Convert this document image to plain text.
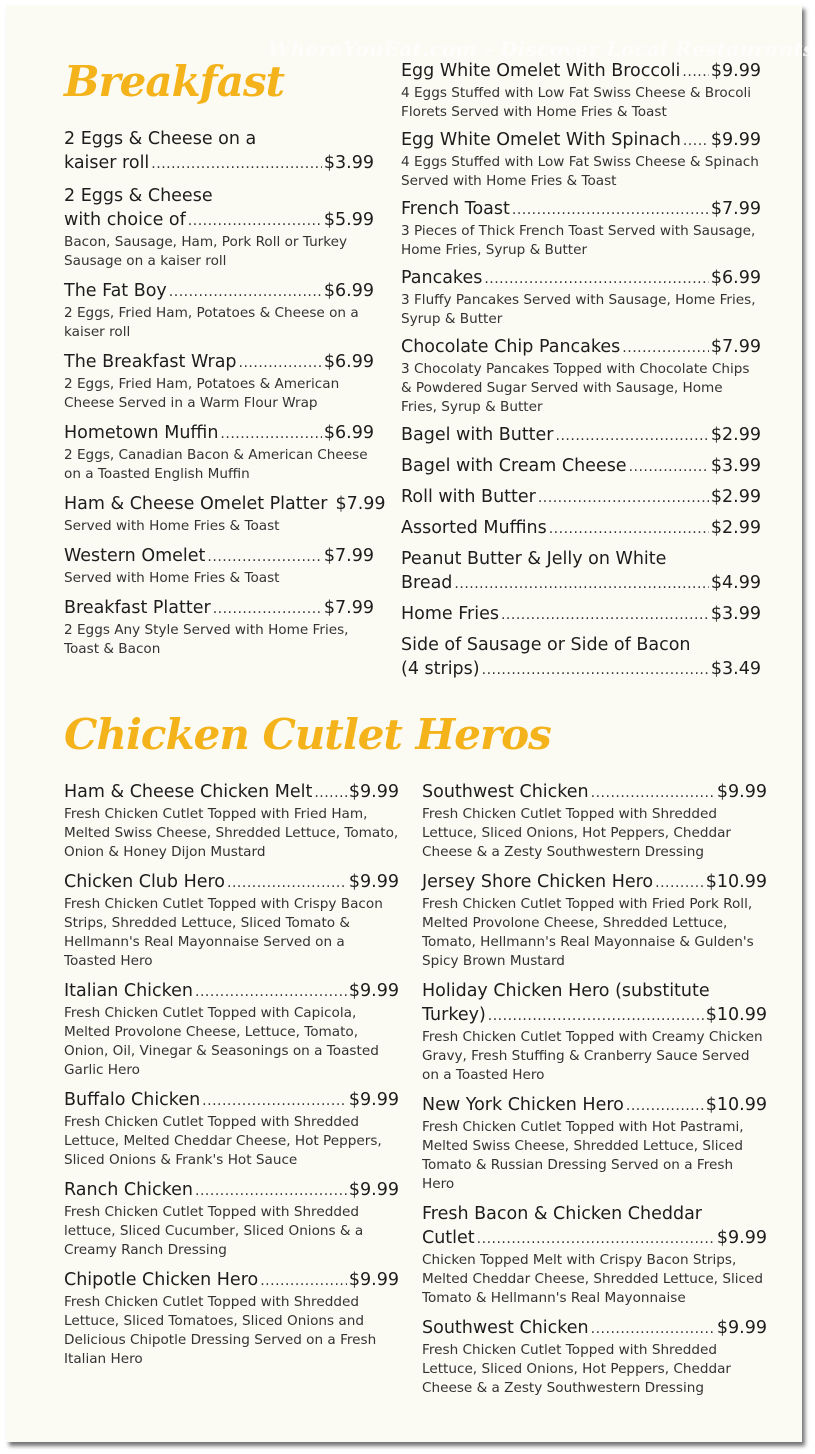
WhereYouEat.com - Discover Local Restaurants
Breakfast
2 Eggs & Cheese on a
kaiser roll .....	$3.99
2 Eggs & Cheese
with choice of .....	$5.99
Bacon, Sausage, Ham, Pork Roll or Turkey Sausage on a kaiser roll
The Fat Boy .....	$6.99
2 Eggs, Fried Ham, Potatoes & Cheese on a kaiser roll
The Breakfast Wrap .....	$6.99
2 Eggs, Fried Ham, Potatoes & American Cheese Served in a Warm Flour Wrap
Hometown Muffin .....	$6.99
2 Eggs, Canadian Bacon & American Cheese on a Toasted English Muffin
Ham & Cheese Omelet Platter $7.99
Served with Home Fries & Toast
Western Omelet .....	$7.99
Served with Home Fries & Toast
Breakfast Platter .....	$7.99
2 Eggs Any Style Served with Home Fries, Toast & Bacon
Egg White Omelet With Broccoli ..... $9.99
4 Eggs Stuffed with Low Fat Swiss Cheese & Brocoli Florets Served with Home Fries & Toast
Egg White Omelet With Spinach ..... $9.99
4 Eggs Stuffed with Low Fat Swiss Cheese & Spinach Served with Home Fries & Toast
French Toast .....	$7.99
3 Pieces of Thick French Toast Served with Sausage, Home Fries, Syrup & Butter
Pancakes .....	$6.99
3 Fluffy Pancakes Served with Sausage, Home Fries, Syrup & Butter
Chocolate Chip Pancakes .....	$7.99
3 Chocolaty Pancakes Topped with Chocolate Chips & Powdered Sugar Served with Sausage, Home Fries, Syrup & Butter
Bagel with Butter .....	$2.99
Bagel with Cream Cheese .....	$3.99
Roll with Butter .....	$2.99
Assorted Muffins .....	$2.99
Peanut Butter & Jelly on White
Bread .....	$4.99
Home Fries .....	$3.99
Side of Sausage or Side of Bacon
(4 strips) .....	$3.49
Chicken Cutlet Heros
Ham & Cheese Chicken Melt ..... $9.99
Fresh Chicken Cutlet Topped with Fried Ham, Melted Swiss Cheese, Shredded Lettuce, Tomato, Onion & Honey Dijon Mustard
Chicken Club Hero .....	$9.99
Fresh Chicken Cutlet Topped with Crispy Bacon Strips, Shredded Lettuce, Sliced Tomato & Hellmann's Real Mayonnaise Served on a Toasted Hero
Italian Chicken .....	$9.99
Fresh Chicken Cutlet Topped with Capicola, Melted Provolone Cheese, Lettuce, Tomato, Onion, Oil, Vinegar & Seasonings on a Toasted Garlic Hero
Buffalo Chicken .....	$9.99
Fresh Chicken Cutlet Topped with Shredded Lettuce, Melted Cheddar Cheese, Hot Peppers, Sliced Onions & Frank's Hot Sauce
Ranch Chicken .....	$9.99
Fresh Chicken Cutlet Topped with Shredded lettuce, Sliced Cucumber, Sliced Onions & a Creamy Ranch Dressing
Chipotle Chicken Hero .....	$9.99
Fresh Chicken Cutlet Topped with Shredded Lettuce, Sliced Tomatoes, Sliced Onions and Delicious Chipotle Dressing Served on a Fresh Italian Hero
Southwest Chicken .....	$9.99
Fresh Chicken Cutlet Topped with Shredded Lettuce, Sliced Onions, Hot Peppers, Cheddar Cheese & a Zesty Southwestern Dressing
Jersey Shore Chicken Hero .....	$10.99
Fresh Chicken Cutlet Topped with Fried Pork Roll, Melted Provolone Cheese, Shredded Lettuce, Tomato, Hellmann's Real Mayonnaise & Gulden's Spicy Brown Mustard
Holiday Chicken Hero (substitute
Turkey) .....	$10.99
Fresh Chicken Cutlet Topped with Creamy Chicken Gravy, Fresh Stuffing & Cranberry Sauce Served on a Toasted Hero
New York Chicken Hero .....	$10.99
Fresh Chicken Cutlet Topped with Hot Pastrami, Melted Swiss Cheese, Shredded Lettuce, Sliced Tomato & Russian Dressing Served on a Fresh Hero
Fresh Bacon & Chicken Cheddar
Cutlet .....	$9.99
Chicken Topped Melt with Crispy Bacon Strips, Melted Cheddar Cheese, Shredded Lettuce, Sliced Tomato & Hellmann's Real Mayonnaise
Southwest Chicken .....	$9.99
Fresh Chicken Cutlet Topped with Shredded Lettuce, Sliced Onions, Hot Peppers, Cheddar Cheese & a Zesty Southwestern Dressing
